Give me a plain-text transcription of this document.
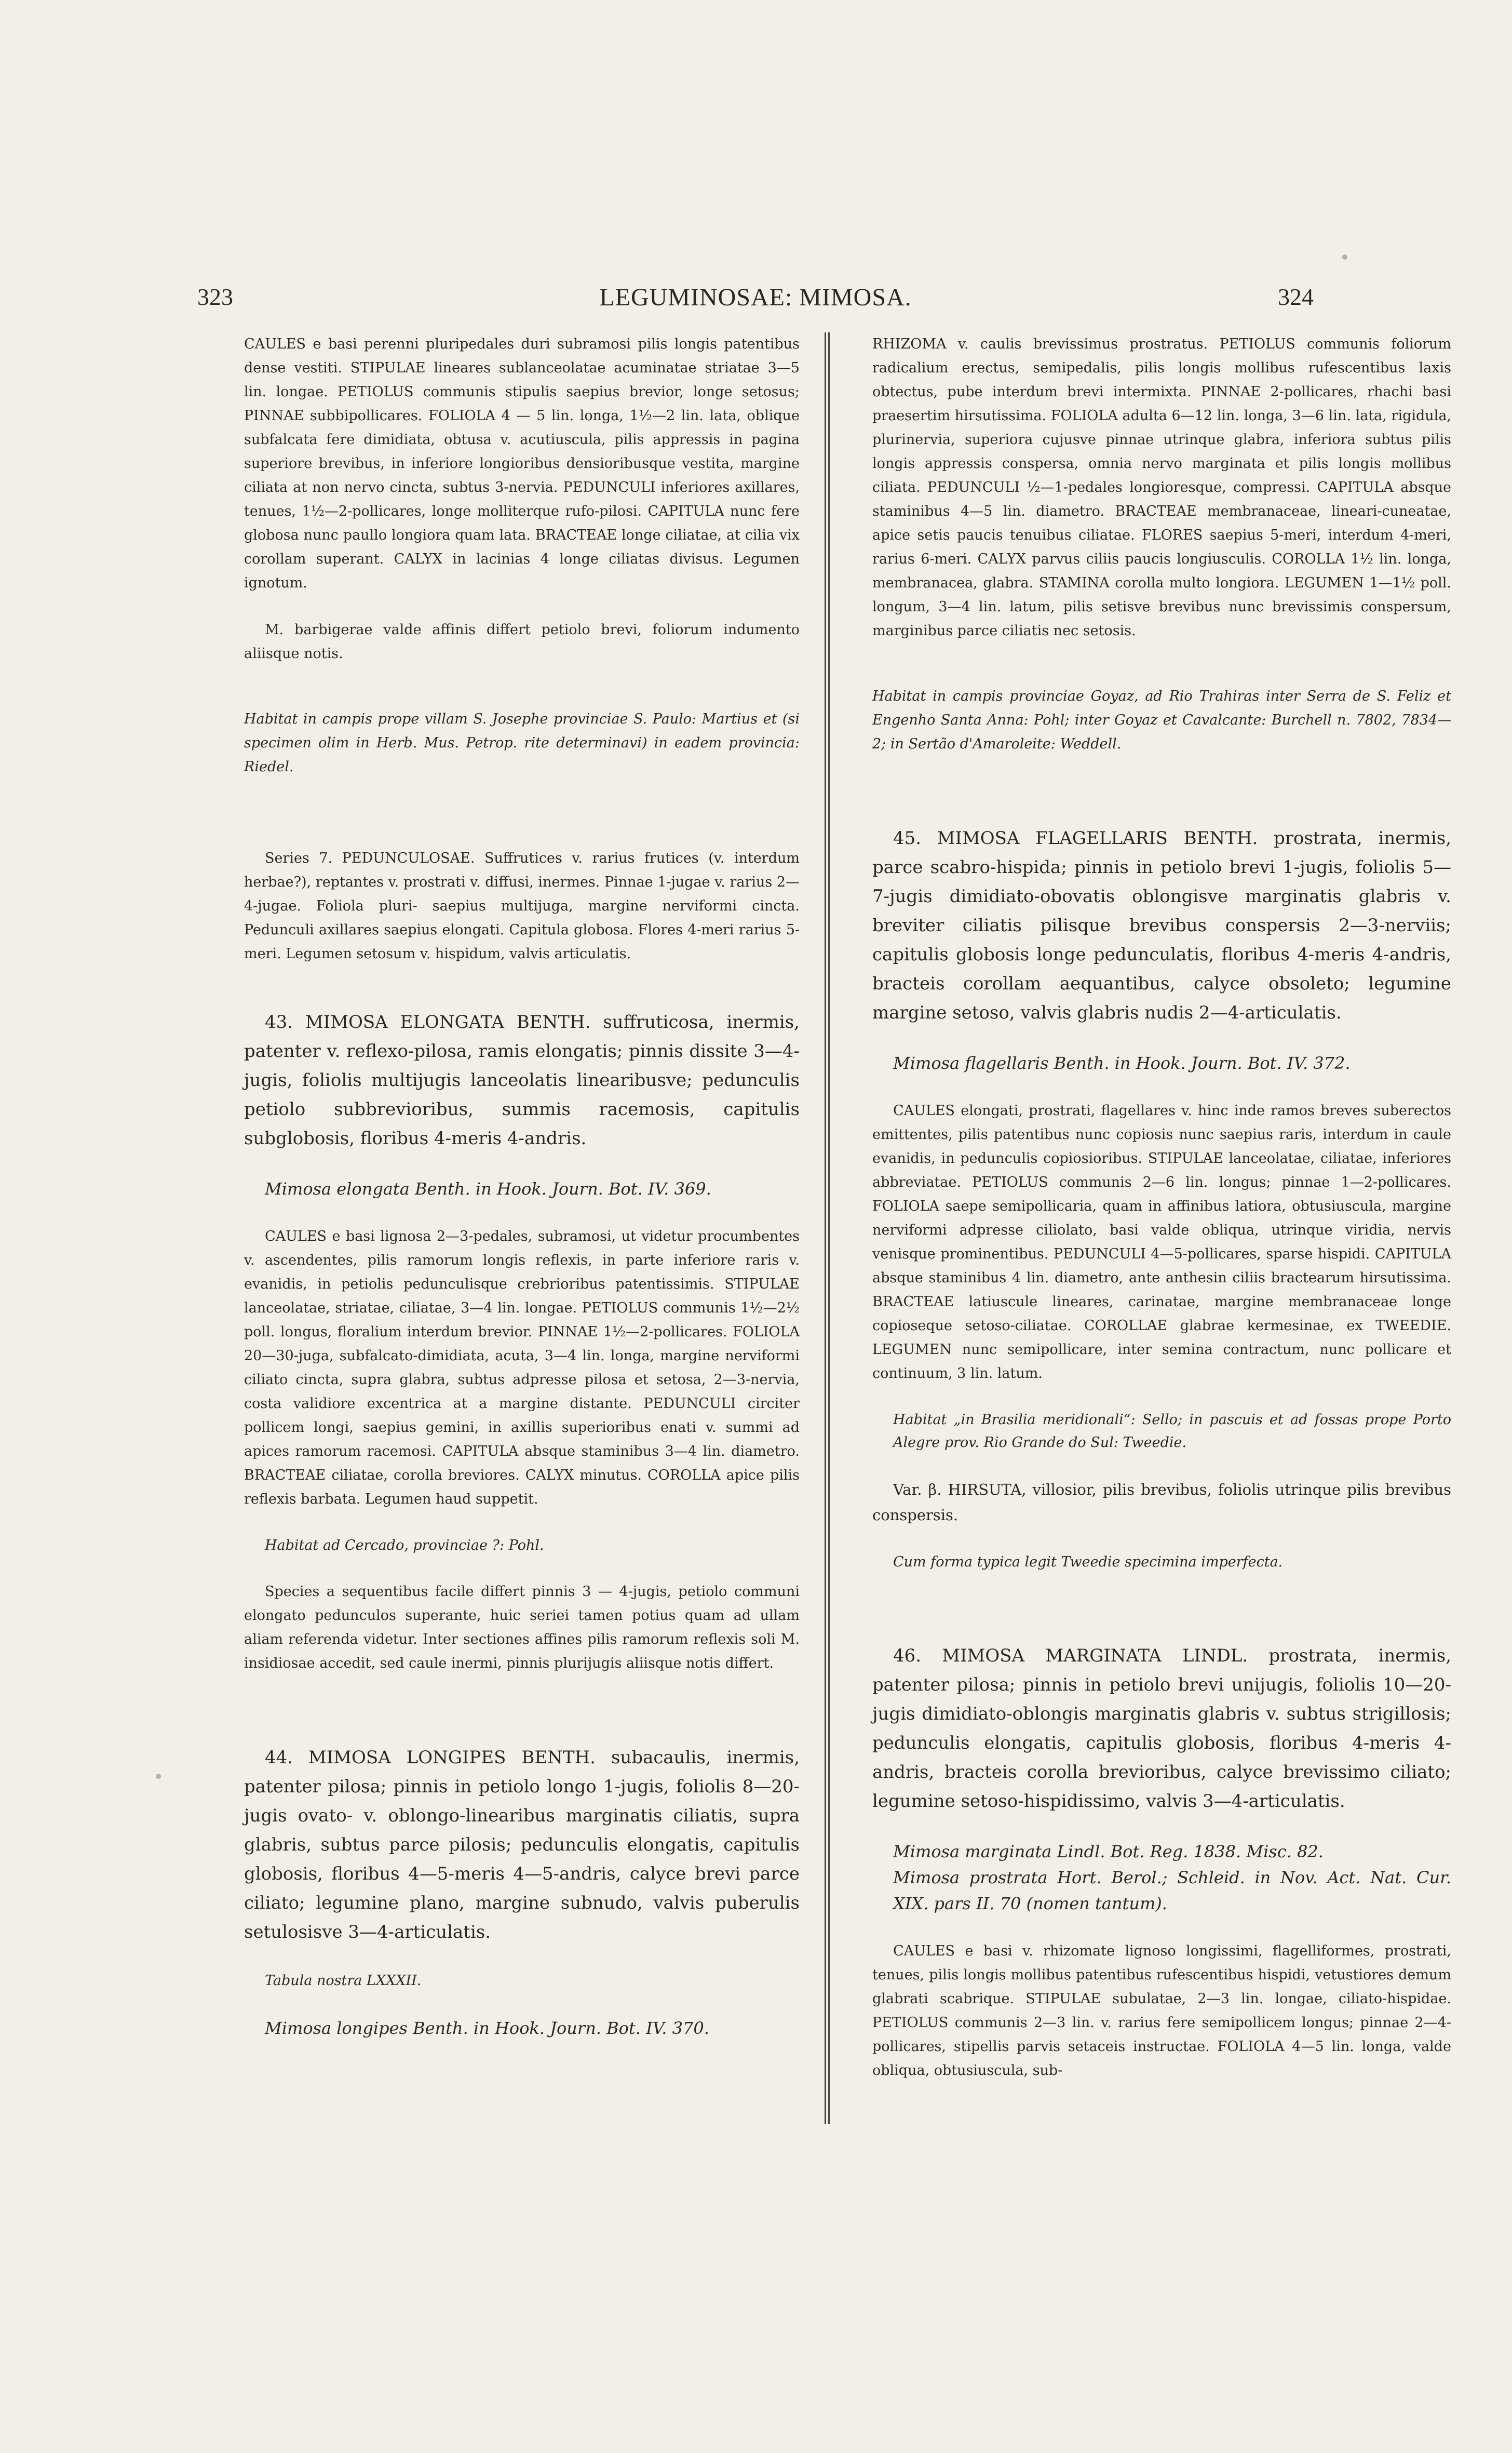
323	LEGUMINOSAE: MIMOSA.	324

CAULES e basi perenni pluripedales duri subramosi pilis longis patentibus dense vestiti. STIPULAE lineares sublanceolatae acuminatae striatae 3—5 lin. longae. PETIOLUS communis stipulis saepius brevior, longe setosus; PINNAE subbipollicares. FOLIOLA 4 — 5 lin. longa, 1½—2 lin. lata, oblique subfalcata fere dimidiata, obtusa v. acutiuscula, pilis appressis in pagina superiore brevibus, in inferiore longioribus densioribusque vestita, margine ciliata at non nervo cincta, subtus 3-nervia. PEDUNCULI inferiores axillares, tenues, 1½—2-pollicares, longe molliterque rufo-pilosi. CAPITULA nunc fere globosa nunc paullo longiora quam lata. BRACTEAE longe ciliatae, at cilia vix corollam superant. CALYX in lacinias 4 longe ciliatas divisus. Legumen ignotum.

M. barbigerae valde affinis differt petiolo brevi, foliorum indumento aliisque notis.

Habitat in campis prope villam S. Josephe provinciae S. Paulo: Martius et (si specimen olim in Herb. Mus. Petrop. rite determinavi) in eadem provincia: Riedel.

Series 7. PEDUNCULOSAE. Suffrutices v. rarius frutices (v. interdum herbae?), reptantes v. prostrati v. diffusi, inermes. Pinnae 1-jugae v. rarius 2—4-jugae. Foliola pluri- saepius multijuga, margine nerviformi cincta. Pedunculi axillares saepius elongati. Capitula globosa. Flores 4-meri rarius 5-meri. Legumen setosum v. hispidum, valvis articulatis.

43. MIMOSA ELONGATA BENTH. suffruticosa, inermis, patenter v. reflexo-pilosa, ramis elongatis; pinnis dissite 3—4-jugis, foliolis multijugis lanceolatis linearibusve; pedunculis petiolo subbrevioribus, summis racemosis, capitulis subglobosis, floribus 4-meris 4-andris.

Mimosa elongata Benth. in Hook. Journ. Bot. IV. 369.

CAULES e basi lignosa 2—3-pedales, subramosi, ut videtur procumbentes v. ascendentes, pilis ramorum longis reflexis, in parte inferiore raris v. evanidis, in petiolis pedunculisque crebrioribus patentissimis. STIPULAE lanceolatae, striatae, ciliatae, 3—4 lin. longae. PETIOLUS communis 1½—2½ poll. longus, floralium interdum brevior. PINNAE 1½—2-pollicares. FOLIOLA 20—30-juga, subfalcato-dimidiata, acuta, 3—4 lin. longa, margine nerviformi ciliato cincta, supra glabra, subtus adpresse pilosa et setosa, 2—3-nervia, costa validiore excentrica at a margine distante. PEDUNCULI circiter pollicem longi, saepius gemini, in axillis superioribus enati v. summi ad apices ramorum racemosi. CAPITULA absque staminibus 3—4 lin. diametro. BRACTEAE ciliatae, corolla breviores. CALYX minutus. COROLLA apice pilis reflexis barbata. Legumen haud suppetit.

Habitat ad Cercado, provinciae ?: Pohl.

Species a sequentibus facile differt pinnis 3 — 4-jugis, petiolo communi elongato pedunculos superante, huic seriei tamen potius quam ad ullam aliam referenda videtur. Inter sectiones affines pilis ramorum reflexis soli M. insidiosae accedit, sed caule inermi, pinnis plurijugis aliisque notis differt.

44. MIMOSA LONGIPES BENTH. subacaulis, inermis, patenter pilosa; pinnis in petiolo longo 1-jugis, foliolis 8—20-jugis ovato- v. oblongo-linearibus marginatis ciliatis, supra glabris, subtus parce pilosis; pedunculis elongatis, capitulis globosis, floribus 4—5-meris 4—5-andris, calyce brevi parce ciliato; legumine plano, margine subnudo, valvis puberulis setulosisve 3—4-articulatis.

Tabula nostra LXXXII.

Mimosa longipes Benth. in Hook. Journ. Bot. IV. 370.

RHIZOMA v. caulis brevissimus prostratus. PETIOLUS communis foliorum radicalium erectus, semipedalis, pilis longis mollibus rufescentibus laxis obtectus, pube interdum brevi intermixta. PINNAE 2-pollicares, rhachi basi praesertim hirsutissima. FOLIOLA adulta 6—12 lin. longa, 3—6 lin. lata, rigidula, plurinervia, superiora cujusve pinnae utrinque glabra, inferiora subtus pilis longis appressis conspersa, omnia nervo marginata et pilis longis mollibus ciliata. PEDUNCULI ½—1-pedales longioresque, compressi. CAPITULA absque staminibus 4—5 lin. diametro. BRACTEAE membranaceae, lineari-cuneatae, apice setis paucis tenuibus ciliatae. FLORES saepius 5-meri, interdum 4-meri, rarius 6-meri. CALYX parvus ciliis paucis longiusculis. COROLLA 1½ lin. longa, membranacea, glabra. STAMINA corolla multo longiora. LEGUMEN 1—1½ poll. longum, 3—4 lin. latum, pilis setisve brevibus nunc brevissimis conspersum, marginibus parce ciliatis nec setosis.

Habitat in campis provinciae Goyaz, ad Rio Trahiras inter Serra de S. Feliz et Engenho Santa Anna: Pohl; inter Goyaz et Cavalcante: Burchell n. 7802, 7834—2; in Sertão d'Amaroleite: Weddell.

45. MIMOSA FLAGELLARIS BENTH. prostrata, inermis, parce scabro-hispida; pinnis in petiolo brevi 1-jugis, foliolis 5—7-jugis dimidiato-obovatis oblongisve marginatis glabris v. breviter ciliatis pilisque brevibus conspersis 2—3-nerviis; capitulis globosis longe pedunculatis, floribus 4-meris 4-andris, bracteis corollam aequantibus, calyce obsoleto; legumine margine setoso, valvis glabris nudis 2—4-articulatis.

Mimosa flagellaris Benth. in Hook. Journ. Bot. IV. 372.

CAULES elongati, prostrati, flagellares v. hinc inde ramos breves suberectos emittentes, pilis patentibus nunc copiosis nunc saepius raris, interdum in caule evanidis, in pedunculis copiosioribus. STIPULAE lanceolatae, ciliatae, inferiores abbreviatae. PETIOLUS communis 2—6 lin. longus; pinnae 1—2-pollicares. FOLIOLA saepe semipollicaria, quam in affinibus latiora, obtusiuscula, margine nerviformi adpresse ciliolato, basi valde obliqua, utrinque viridia, nervis venisque prominentibus. PEDUNCULI 4—5-pollicares, sparse hispidi. CAPITULA absque staminibus 4 lin. diametro, ante anthesin ciliis bractearum hirsutissima. BRACTEAE latiuscule lineares, carinatae, margine membranaceae longe copioseque setoso-ciliatae. COROLLAE glabrae kermesinae, ex TWEEDIE. LEGUMEN nunc semipollicare, inter semina contractum, nunc pollicare et continuum, 3 lin. latum.

Habitat „in Brasilia meridionali“: Sello; in pascuis et ad fossas prope Porto Alegre prov. Rio Grande do Sul: Tweedie.

Var. β. HIRSUTA, villosior, pilis brevibus, foliolis utrinque pilis brevibus conspersis.

Cum forma typica legit Tweedie specimina imperfecta.

46. MIMOSA MARGINATA LINDL. prostrata, inermis, patenter pilosa; pinnis in petiolo brevi unijugis, foliolis 10—20-jugis dimidiato-oblongis marginatis glabris v. subtus strigillosis; pedunculis elongatis, capitulis globosis, floribus 4-meris 4-andris, bracteis corolla brevioribus, calyce brevissimo ciliato; legumine setoso-hispidissimo, valvis 3—4-articulatis.

Mimosa marginata Lindl. Bot. Reg. 1838. Misc. 82.

Mimosa prostrata Hort. Berol.; Schleid. in Nov. Act. Nat. Cur. XIX. pars II. 70 (nomen tantum).

CAULES e basi v. rhizomate lignoso longissimi, flagelliformes, prostrati, tenues, pilis longis mollibus patentibus rufescentibus hispidi, vetustiores demum glabrati scabrique. STIPULAE subulatae, 2—3 lin. longae, ciliato-hispidae. PETIOLUS communis 2—3 lin. v. rarius fere semipollicem longus; pinnae 2—4-pollicares, stipellis parvis setaceis instructae. FOLIOLA 4—5 lin. longa, valde obliqua, obtusiuscula, sub-
